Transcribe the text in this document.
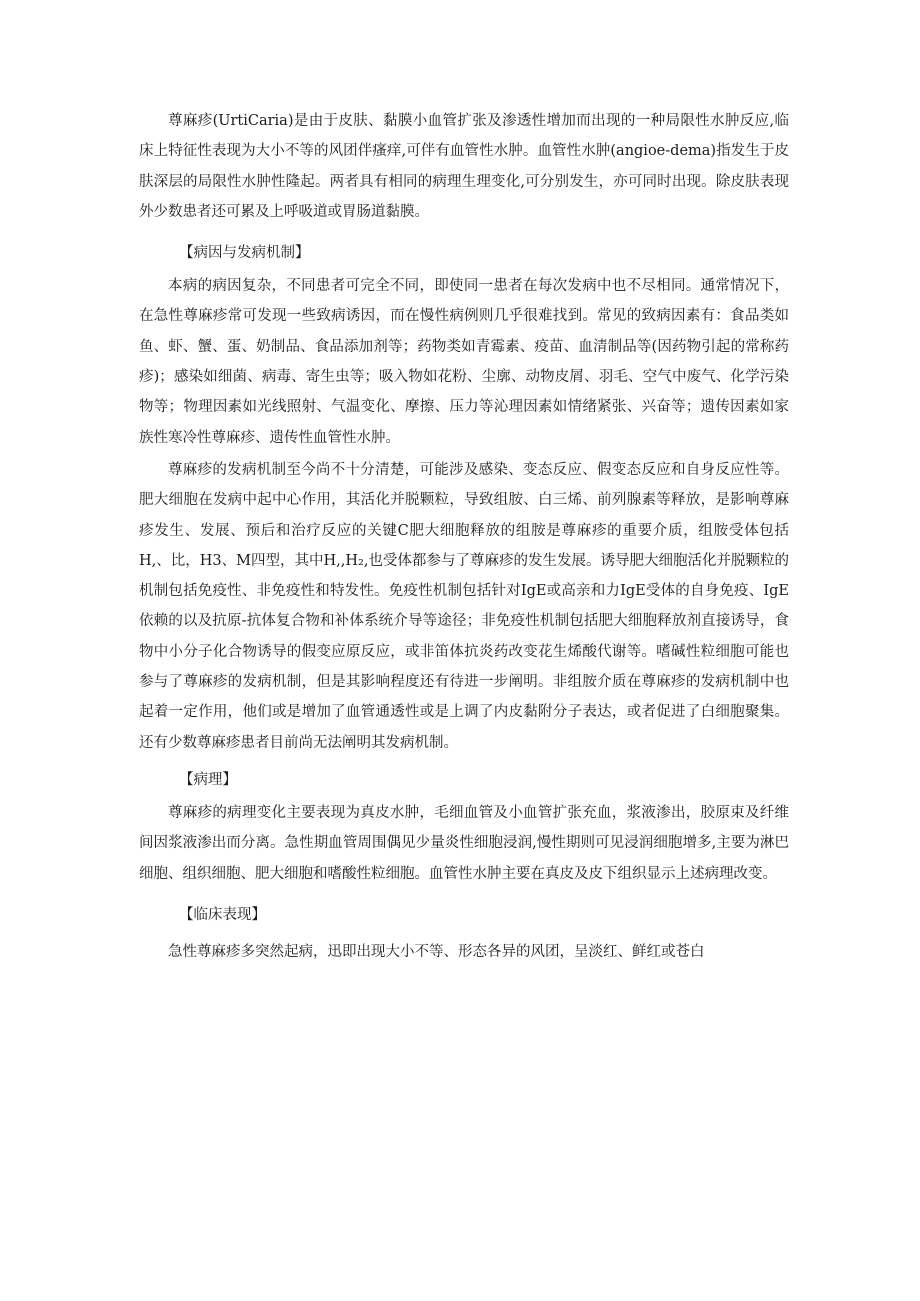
尊麻疹(UrtiCaria)是由于皮肤、黏膜小血管扩张及渗透性增加而出现的一种局限性水肿反应,临床上特征性表现为大小不等的风团伴瘙痒,可伴有血管性水肿。血管性水肿(angioe-dema)指发生于皮肤深层的局限性水肿性隆起。两者具有相同的病理生理变化,可分别发生，亦可同时出现。除皮肤表现外少数患者还可累及上呼吸道或胃肠道黏膜。

【病因与发病机制】

本病的病因复杂，不同患者可完全不同，即使同一患者在每次发病中也不尽相同。通常情况下，在急性尊麻疹常可发现一些致病诱因，而在慢性病例则几乎很难找到。常见的致病因素有：食品类如鱼、虾、蟹、蛋、奶制品、食品添加剂等；药物类如青霉素、疫苗、血清制品等(因药物引起的常称药疹)；感染如细菌、病毒、寄生虫等；吸入物如花粉、尘廓、动物皮屑、羽毛、空气中废气、化学污染物等；物理因素如光线照射、气温变化、摩擦、压力等沁理因素如情绪紧张、兴奋等；遗传因素如家族性寒冷性尊麻疹、遗传性血管性水肿。

尊麻疹的发病机制至今尚不十分清楚，可能涉及感染、变态反应、假变态反应和自身反应性等。肥大细胞在发病中起中心作用，其活化并脱颗粒，导致组胺、白三烯、前列腺素等释放，是影响尊麻疹发生、发展、预后和治疗反应的关键C肥大细胞释放的组胺是尊麻疹的重要介质，组胺受体包括H,、比，H3、M四型，其中H,,H₂,也受体都参与了尊麻疹的发生发展。诱导肥大细胞活化并脱颗粒的机制包括免疫性、非免疫性和特发性。免疫性机制包括针对IgE或高亲和力IgE受体的自身免疫、IgE依赖的以及抗原-抗体复合物和补体系统介导等途径；非免疫性机制包括肥大细胞释放剂直接诱导，食物中小分子化合物诱导的假变应原反应，或非笛体抗炎药改变花生烯酸代谢等。嗜碱性粒细胞可能也参与了尊麻疹的发病机制，但是其影响程度还有待进一步阐明。非组胺介质在尊麻疹的发病机制中也起着一定作用，他们或是增加了血管通透性或是上调了内皮黏附分子表达，或者促进了白细胞聚集。还有少数尊麻疹患者目前尚无法阐明其发病机制。

【病理】

尊麻疹的病理变化主要表现为真皮水肿，毛细血管及小血管扩张充血，浆液渗出，胶原束及纤维间因浆液渗出而分离。急性期血管周围偶见少量炎性细胞浸润,慢性期则可见浸润细胞增多,主要为淋巴细胞、组织细胞、肥大细胞和嗜酸性粒细胞。血管性水肿主要在真皮及皮下组织显示上述病理改变。

【临床表现】

急性尊麻疹多突然起病，迅即出现大小不等、形态各异的风团，呈淡红、鲜红或苍白
